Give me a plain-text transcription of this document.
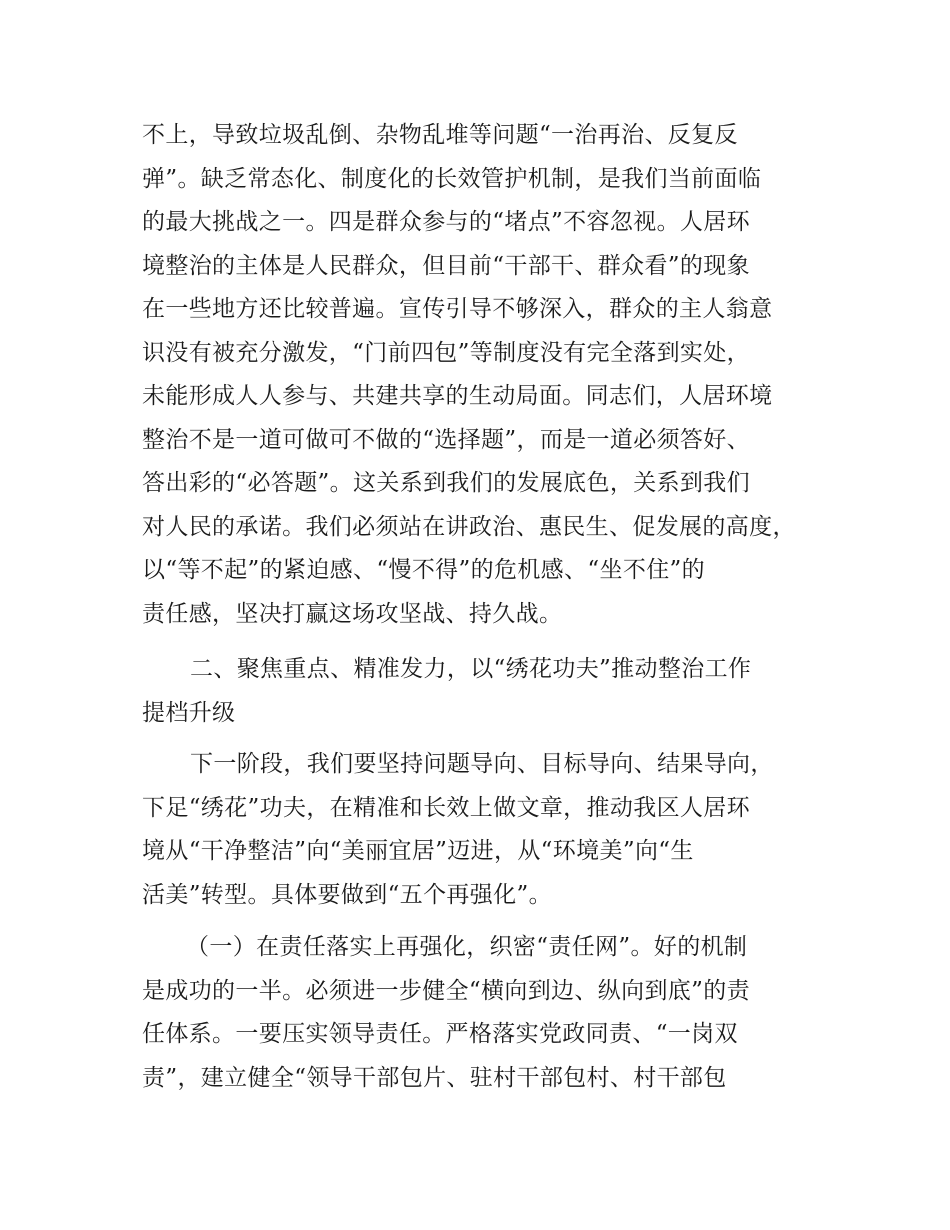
不上，导致垃圾乱倒、杂物乱堆等问题“一治再治、反复反
弹”。缺乏常态化、制度化的长效管护机制，是我们当前面临
的最大挑战之一。四是群众参与的“堵点”不容忽视。人居环
境整治的主体是人民群众，但目前“干部干、群众看”的现象
在一些地方还比较普遍。宣传引导不够深入，群众的主人翁意
识没有被充分激发，“门前四包”等制度没有完全落到实处，
未能形成人人参与、共建共享的生动局面。同志们，人居环境
整治不是一道可做可不做的“选择题”，而是一道必须答好、
答出彩的“必答题”。这关系到我们的发展底色，关系到我们
对人民的承诺。我们必须站在讲政治、惠民生、促发展的高度，
以“等不起”的紧迫感、“慢不得”的危机感、“坐不住”的
责任感，坚决打赢这场攻坚战、持久战。
二、聚焦重点、精准发力，以“绣花功夫”推动整治工作
提档升级
下一阶段，我们要坚持问题导向、目标导向、结果导向，
下足“绣花”功夫，在精准和长效上做文章，推动我区人居环
境从“干净整洁”向“美丽宜居”迈进，从“环境美”向“生
活美”转型。具体要做到“五个再强化”。
（一）在责任落实上再强化，织密“责任网”。好的机制
是成功的一半。必须进一步健全“横向到边、纵向到底”的责
任体系。一要压实领导责任。严格落实党政同责、“一岗双
责”，建立健全“领导干部包片、驻村干部包村、村干部包
